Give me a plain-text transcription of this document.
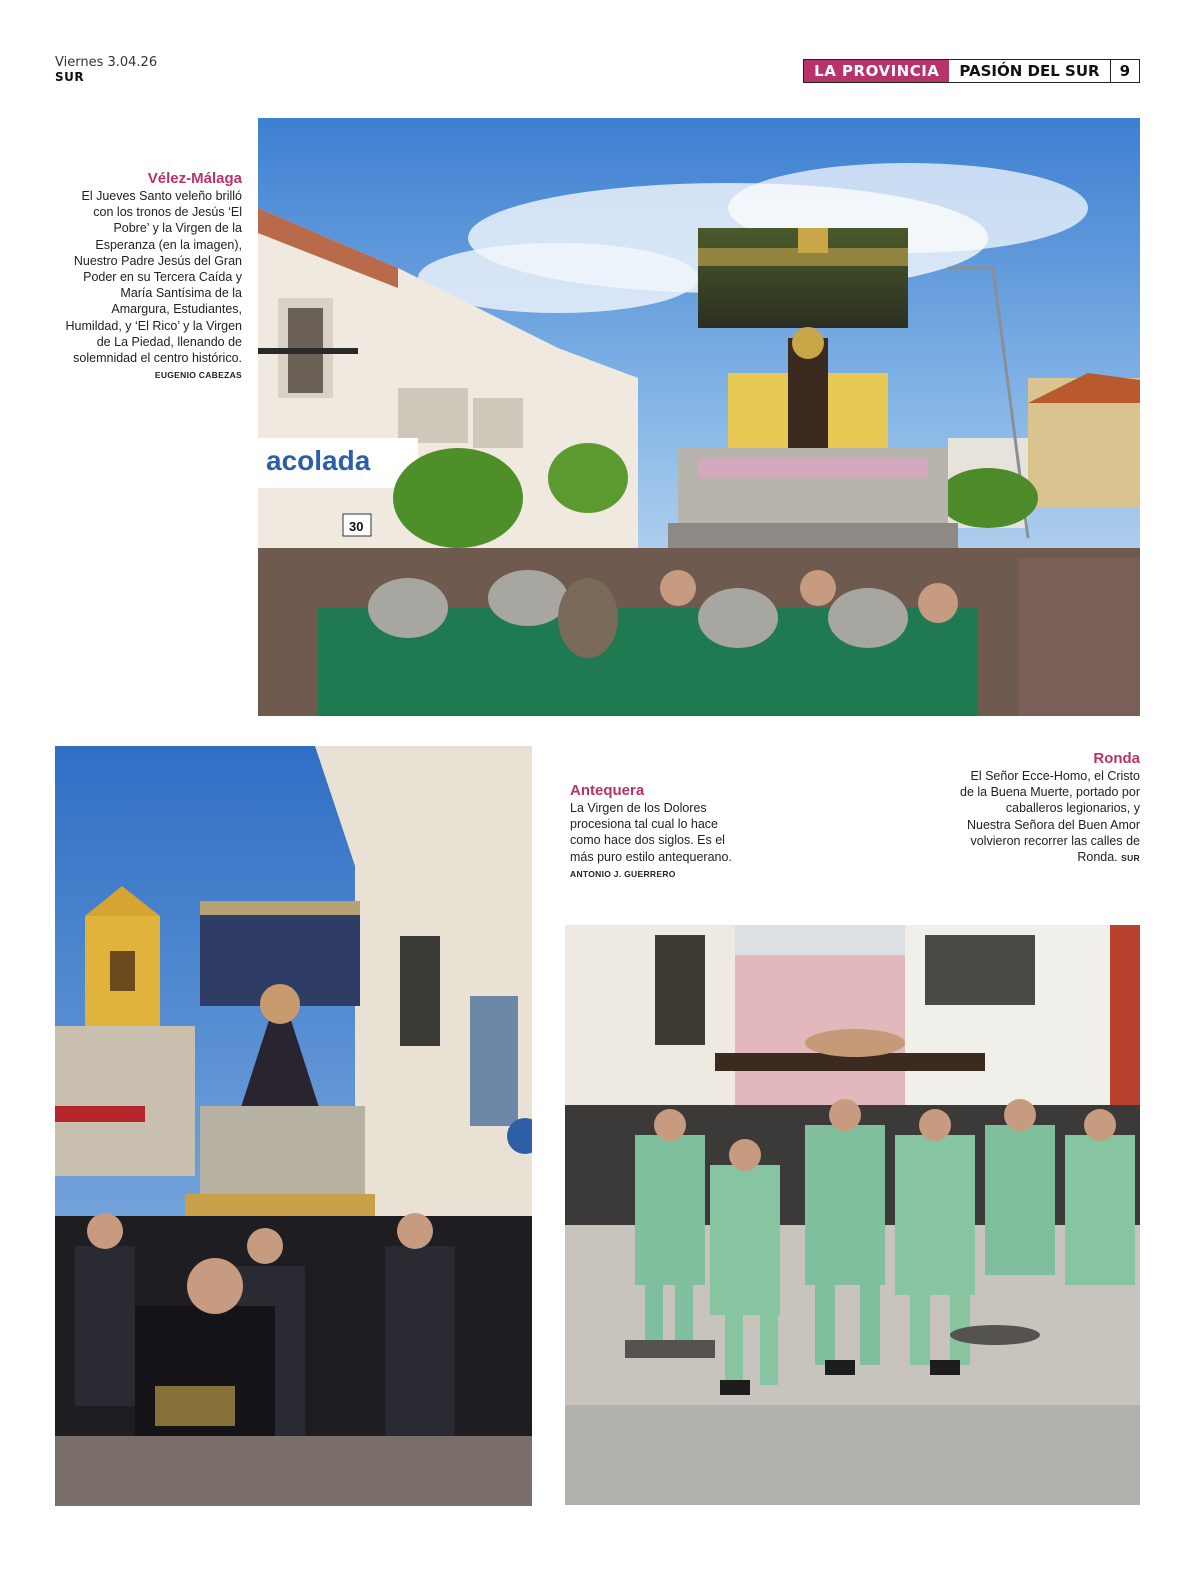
Viernes 3.04.26
SUR	LA PROVINCIA	PASIÓN DEL SUR	9
Vélez-Málaga
El Jueves Santo veleño brilló con los tronos de Jesús ‘El Pobre’ y la Virgen de la Esperanza (en la imagen), Nuestro Padre Jesús del Gran Poder en su Tercera Caída y María Santísima de la Amargura, Estudiantes, Humildad, y ‘El Rico’ y la Virgen de La Piedad, llenando de solemnidad el centro histórico. EUGENIO CABEZAS
acolada
30
Antequera
La Virgen de los Dolores procesiona tal cual lo hace como hace dos siglos. Es el más puro estilo antequerano.
ANTONIO J. GUERRERO
Ronda
El Señor Ecce-Homo, el Cristo de la Buena Muerte, portado por caballeros legionarios, y Nuestra Señora del Buen Amor volvieron recorrer las calles de Ronda. SUR
